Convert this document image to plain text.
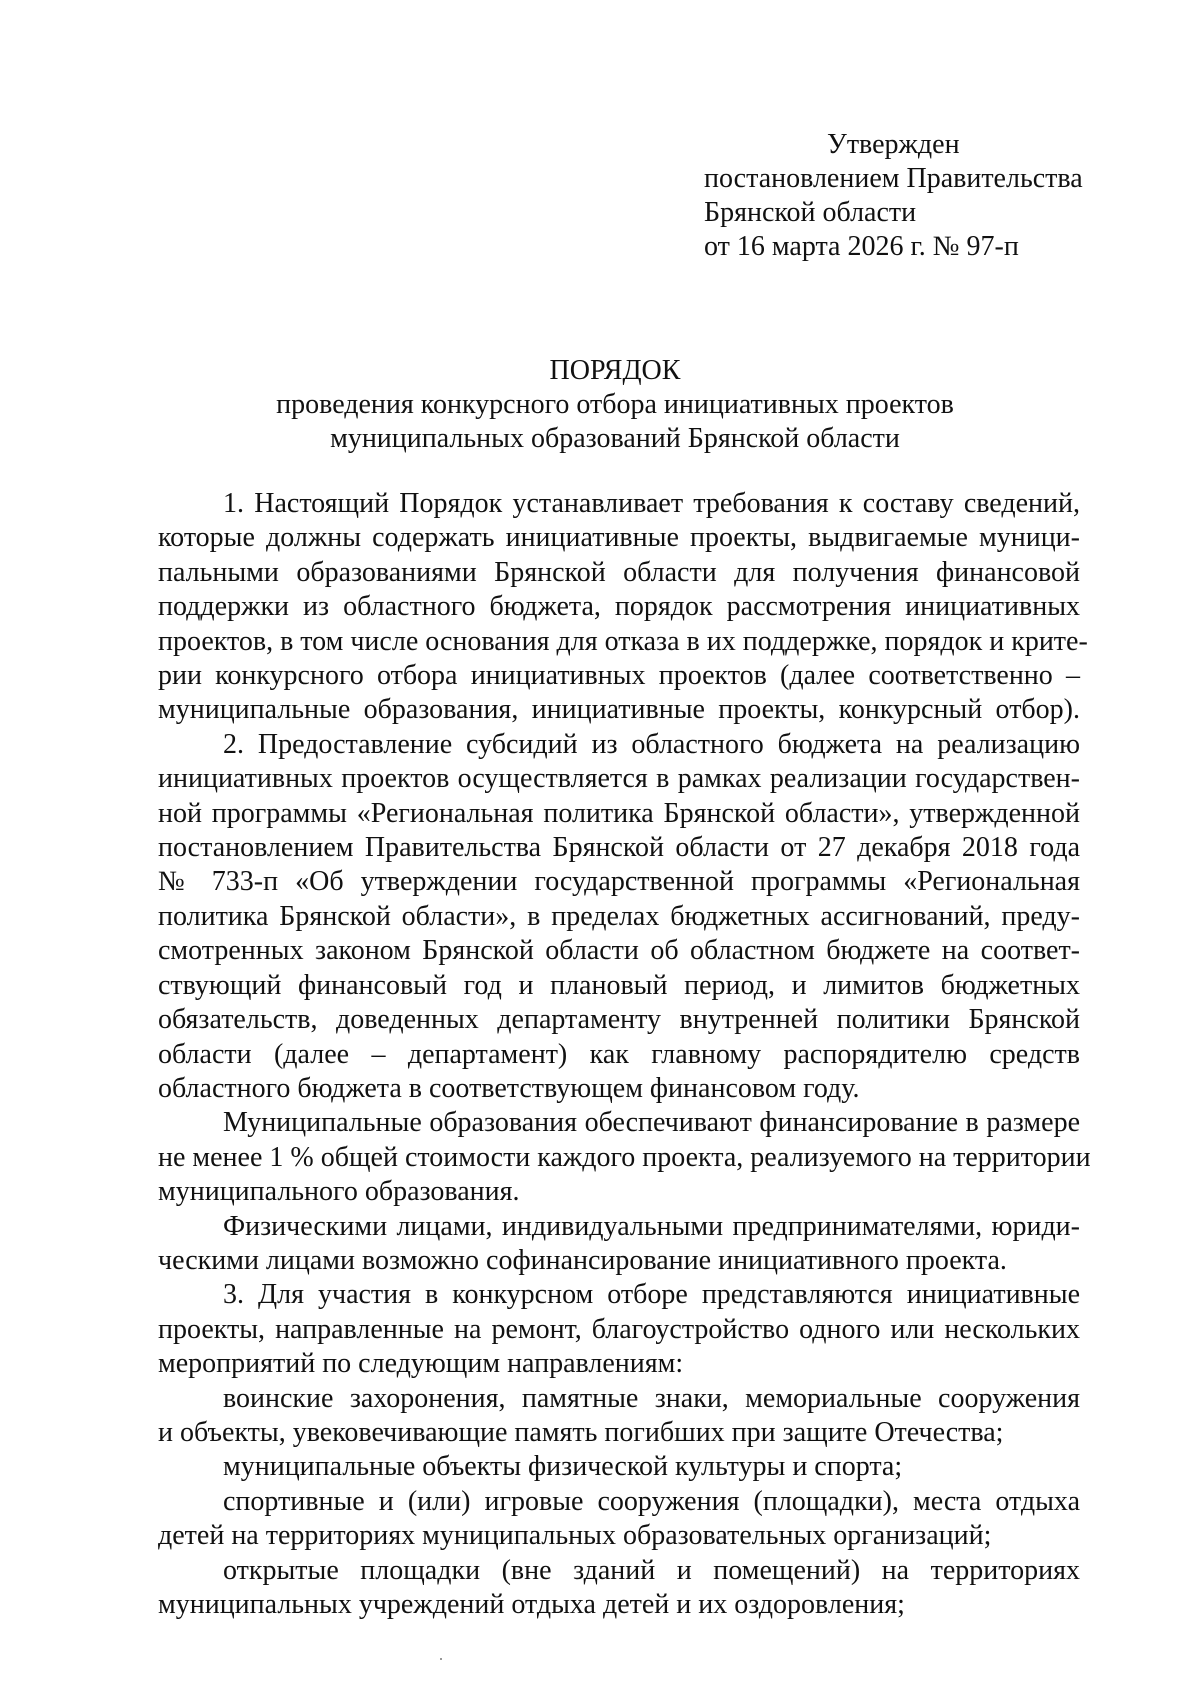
Утвержден
постановлением Правительства
Брянской области
от 16 марта 2026 г. № 97-п
ПОРЯДОК
проведения конкурсного отбора инициативных проектов
муниципальных образований Брянской области
1. Настоящий Порядок устанавливает требования к составу сведений,
которые должны содержать инициативные проекты, выдвигаемые муници-
пальными образованиями Брянской области для получения финансовой
поддержки из областного бюджета, порядок рассмотрения инициативных
проектов, в том числе основания для отказа в их поддержке, порядок и крите-
рии конкурсного отбора инициативных проектов (далее соответственно –
муниципальные образования, инициативные проекты, конкурсный отбор).
2. Предоставление субсидий из областного бюджета на реализацию
инициативных проектов осуществляется в рамках реализации государствен-
ной программы «Региональная политика Брянской области», утвержденной
постановлением Правительства Брянской области от 27 декабря 2018 года
№ 733-п «Об утверждении государственной программы «Региональная
политика Брянской области», в пределах бюджетных ассигнований, преду-
смотренных законом Брянской области об областном бюджете на соответ-
ствующий финансовый год и плановый период, и лимитов бюджетных
обязательств, доведенных департаменту внутренней политики Брянской
области (далее – департамент) как главному распорядителю средств
областного бюджета в соответствующем финансовом году.
Муниципальные образования обеспечивают финансирование в размере
не менее 1 % общей стоимости каждого проекта, реализуемого на территории
муниципального образования.
Физическими лицами, индивидуальными предпринимателями, юриди-
ческими лицами возможно софинансирование инициативного проекта.
3. Для участия в конкурсном отборе представляются инициативные
проекты, направленные на ремонт, благоустройство одного или нескольких
мероприятий по следующим направлениям:
воинские захоронения, памятные знаки, мемориальные сооружения
и объекты, увековечивающие память погибших при защите Отечества;
муниципальные объекты физической культуры и спорта;
спортивные и (или) игровые сооружения (площадки), места отдыха
детей на территориях муниципальных образовательных организаций;
открытые площадки (вне зданий и помещений) на территориях
муниципальных учреждений отдыха детей и их оздоровления;
